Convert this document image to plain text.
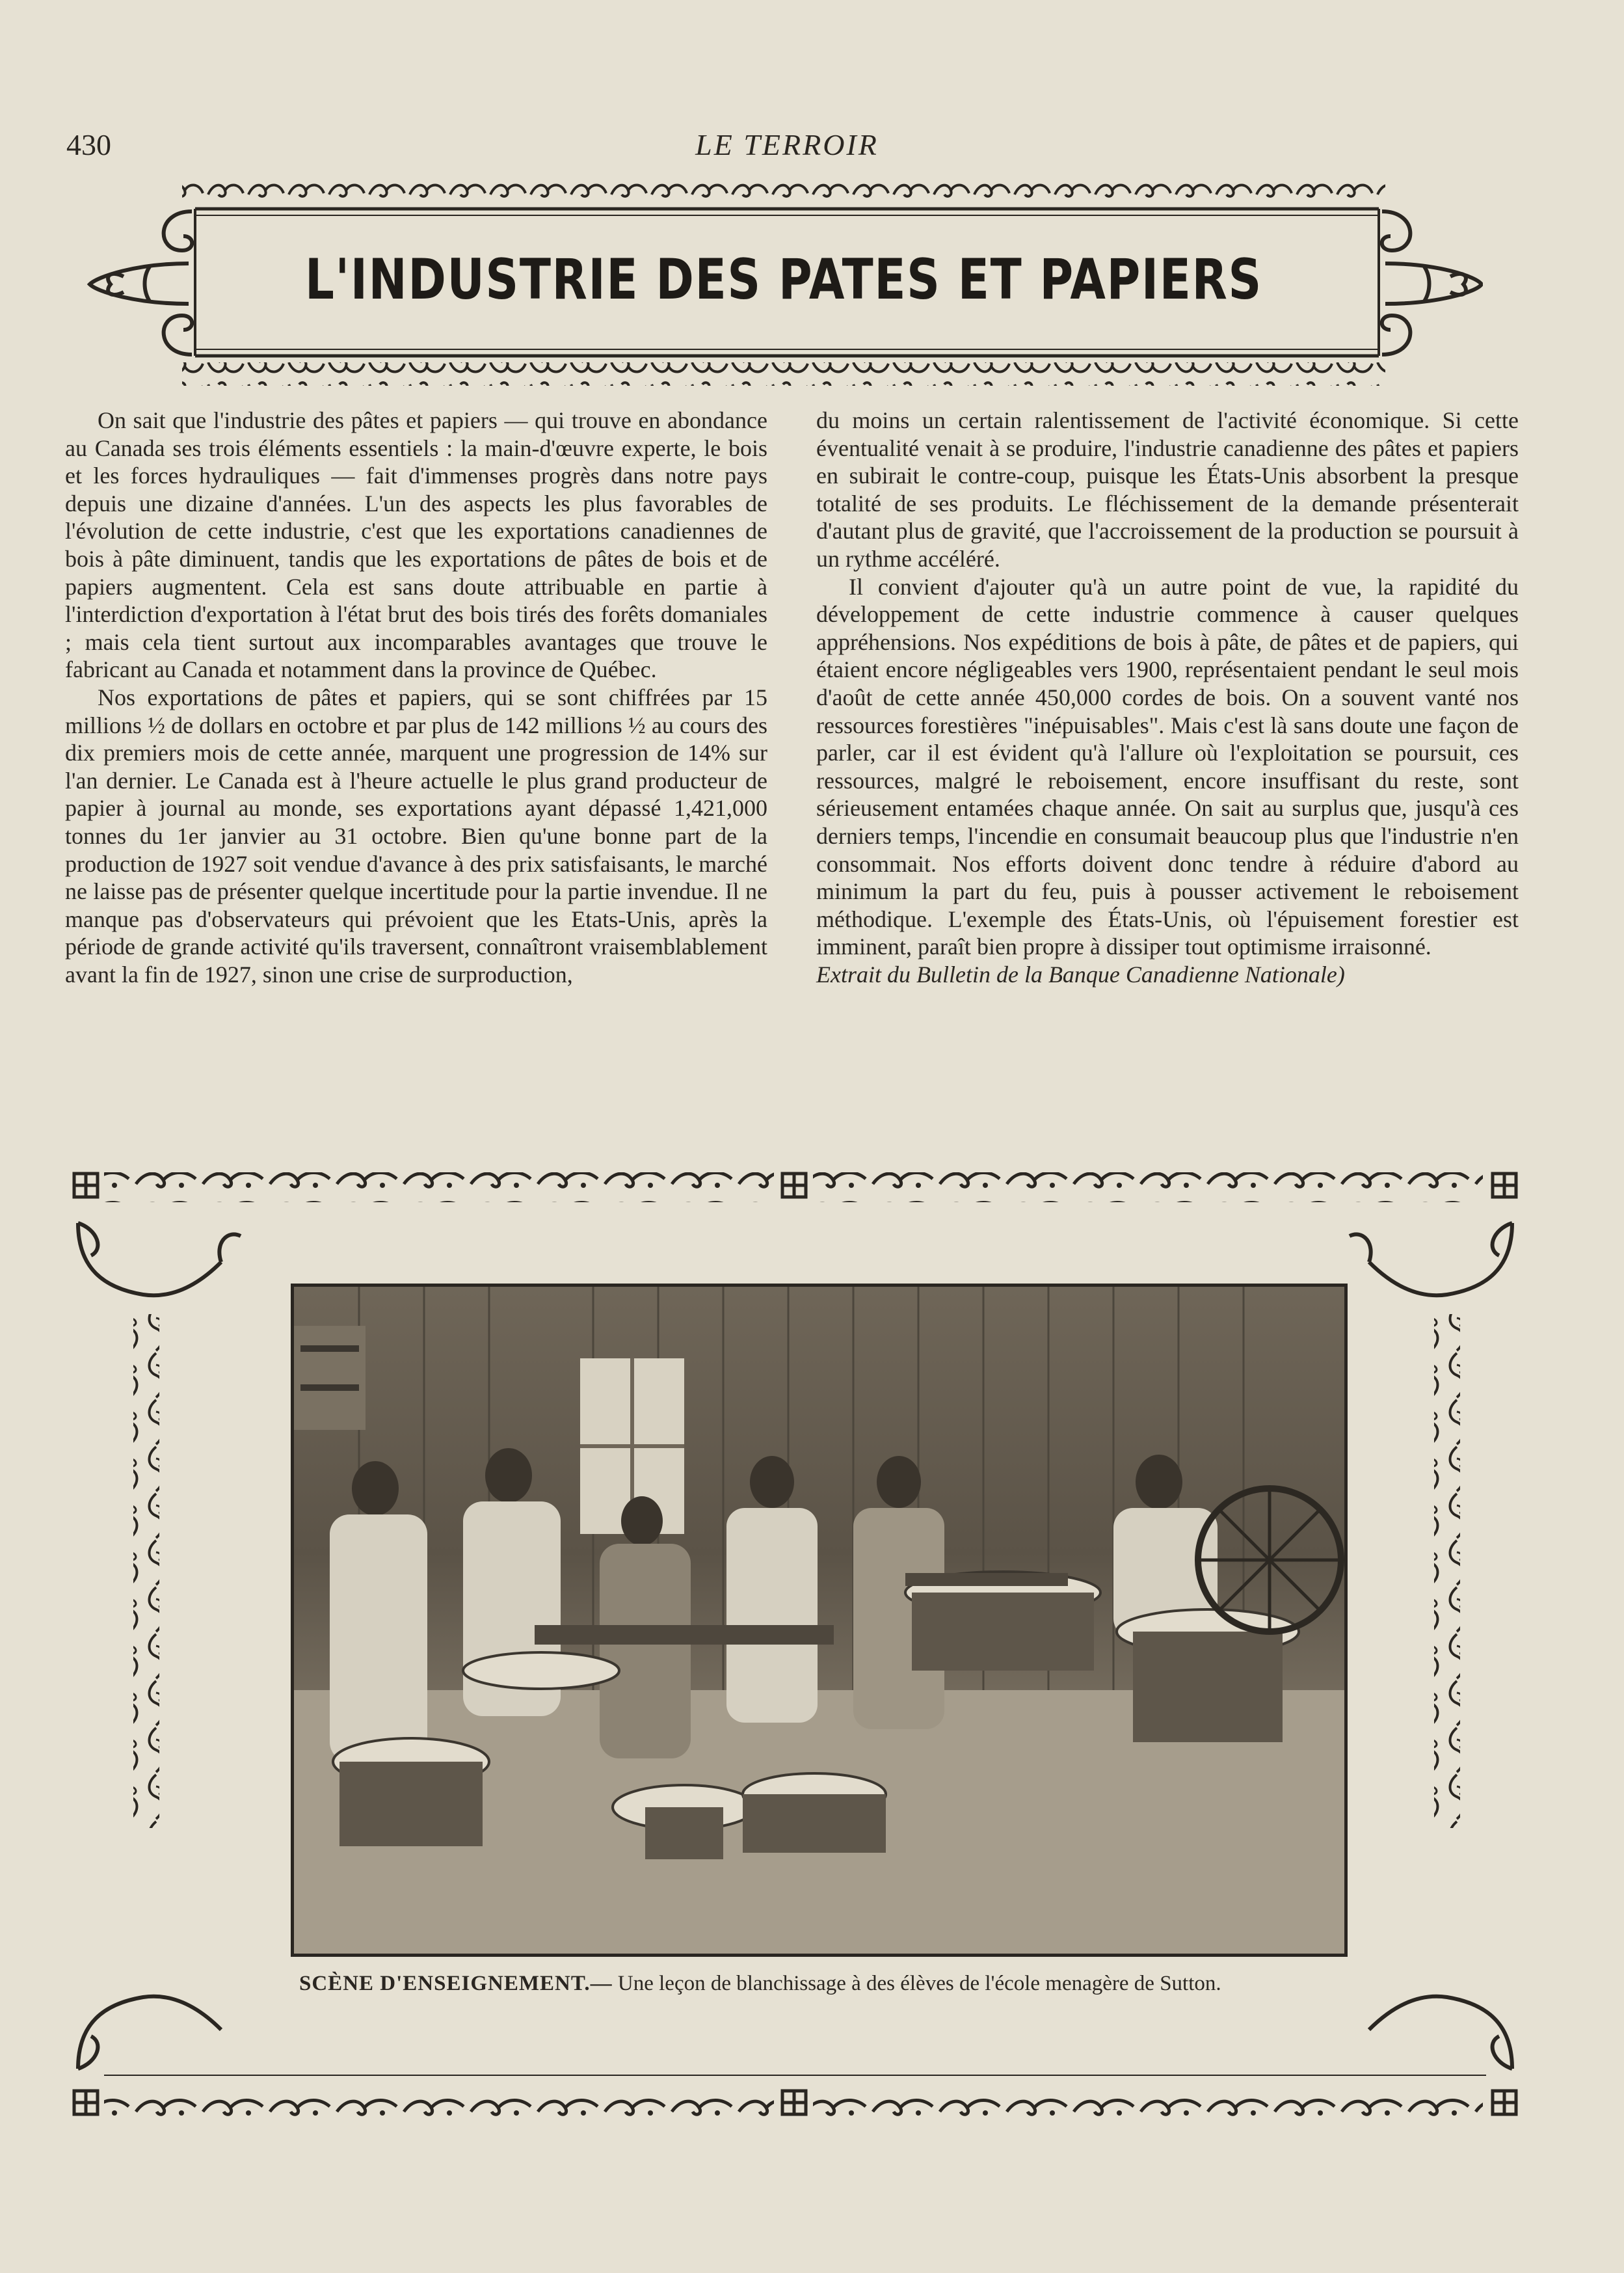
430	LE TERROIR
L'INDUSTRIE DES PATES ET PAPIERS

On sait que l'industrie des pâtes et papiers — qui trouve en abondance au Canada ses trois éléments essentiels : la main-d'œuvre experte, le bois et les forces hydrauliques — fait d'immenses progrès dans notre pays depuis une dizaine d'années. L'un des aspects les plus favorables de l'évolution de cette industrie, c'est que les exportations canadiennes de bois à pâte diminuent, tandis que les exportations de pâtes de bois et de papiers augmentent. Cela est sans doute attribuable en partie à l'interdiction d'exportation à l'état brut des bois tirés des forêts domaniales ; mais cela tient surtout aux incomparables avantages que trouve le fabricant au Canada et notamment dans la province de Québec.

Nos exportations de pâtes et papiers, qui se sont chiffrées par 15 millions ½ de dollars en octobre et par plus de 142 millions ½ au cours des dix premiers mois de cette année, marquent une progression de 14% sur l'an dernier. Le Canada est à l'heure actuelle le plus grand producteur de papier à journal au monde, ses exportations ayant dépassé 1,421,000 tonnes du 1er janvier au 31 octobre. Bien qu'une bonne part de la production de 1927 soit vendue d'avance à des prix satisfaisants, le marché ne laisse pas de présenter quelque incertitude pour la partie invendue. Il ne manque pas d'observateurs qui prévoient que les Etats-Unis, après la période de grande activité qu'ils traversent, connaîtront vraisemblablement avant la fin de 1927, sinon une crise de surproduction,

du moins un certain ralentissement de l'activité économique. Si cette éventualité venait à se produire, l'industrie canadienne des pâtes et papiers en subirait le contre-coup, puisque les États-Unis absorbent la presque totalité de ses produits. Le fléchissement de la demande présenterait d'autant plus de gravité, que l'accroissement de la production se poursuit à un rythme accéléré.

Il convient d'ajouter qu'à un autre point de vue, la rapidité du développement de cette industrie commence à causer quelques appréhensions. Nos expéditions de bois à pâte, de pâtes et de papiers, qui étaient encore négligeables vers 1900, représentaient pendant le seul mois d'août de cette année 450,000 cordes de bois. On a souvent vanté nos ressources forestières "inépuisables". Mais c'est là sans doute une façon de parler, car il est évident qu'à l'allure où l'exploitation se poursuit, ces ressources, malgré le reboisement, encore insuffisant du reste, sont sérieusement entamées chaque année. On sait au surplus que, jusqu'à ces derniers temps, l'incendie en consumait beaucoup plus que l'industrie n'en consommait. Nos efforts doivent donc tendre à réduire d'abord au minimum la part du feu, puis à pousser activement le reboisement méthodique. L'exemple des États-Unis, où l'épuisement forestier est imminent, paraît bien propre à dissiper tout optimisme irraisonné.

Extrait du Bulletin de la Banque Canadienne Nationale)

SCÈNE D'ENSEIGNEMENT.— Une leçon de blanchissage à des élèves de l'école menagère de Sutton.
